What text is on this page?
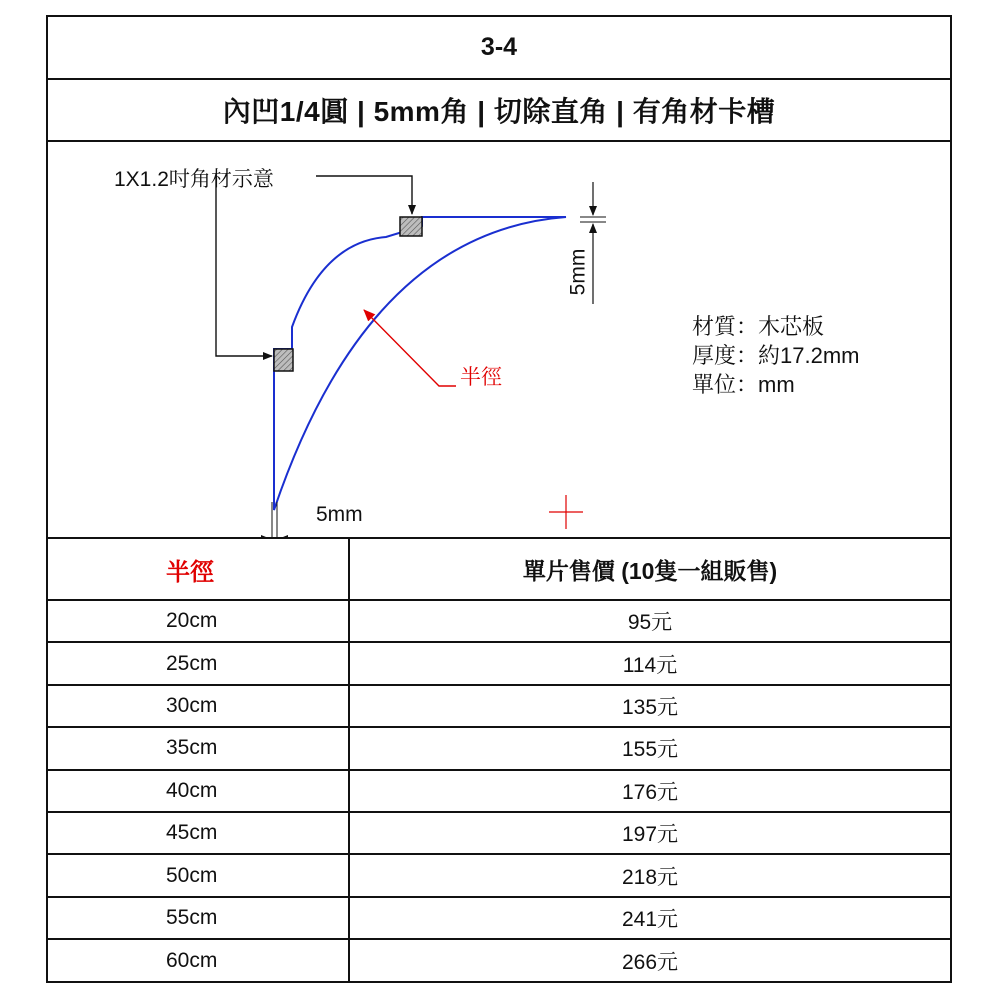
3-4
內凹1/4圓 | 5mm角 | 切除直角 | 有角材卡槽
1X1.2吋角材示意
半徑
5mm
5mm
材質：木芯板
厚度：約17.2mm
單位：mm
半徑	單片售價 (10隻一組販售)
20cm	95元
25cm	114元
30cm	135元
35cm	155元
40cm	176元
45cm	197元
50cm	218元
55cm	241元
60cm	266元
